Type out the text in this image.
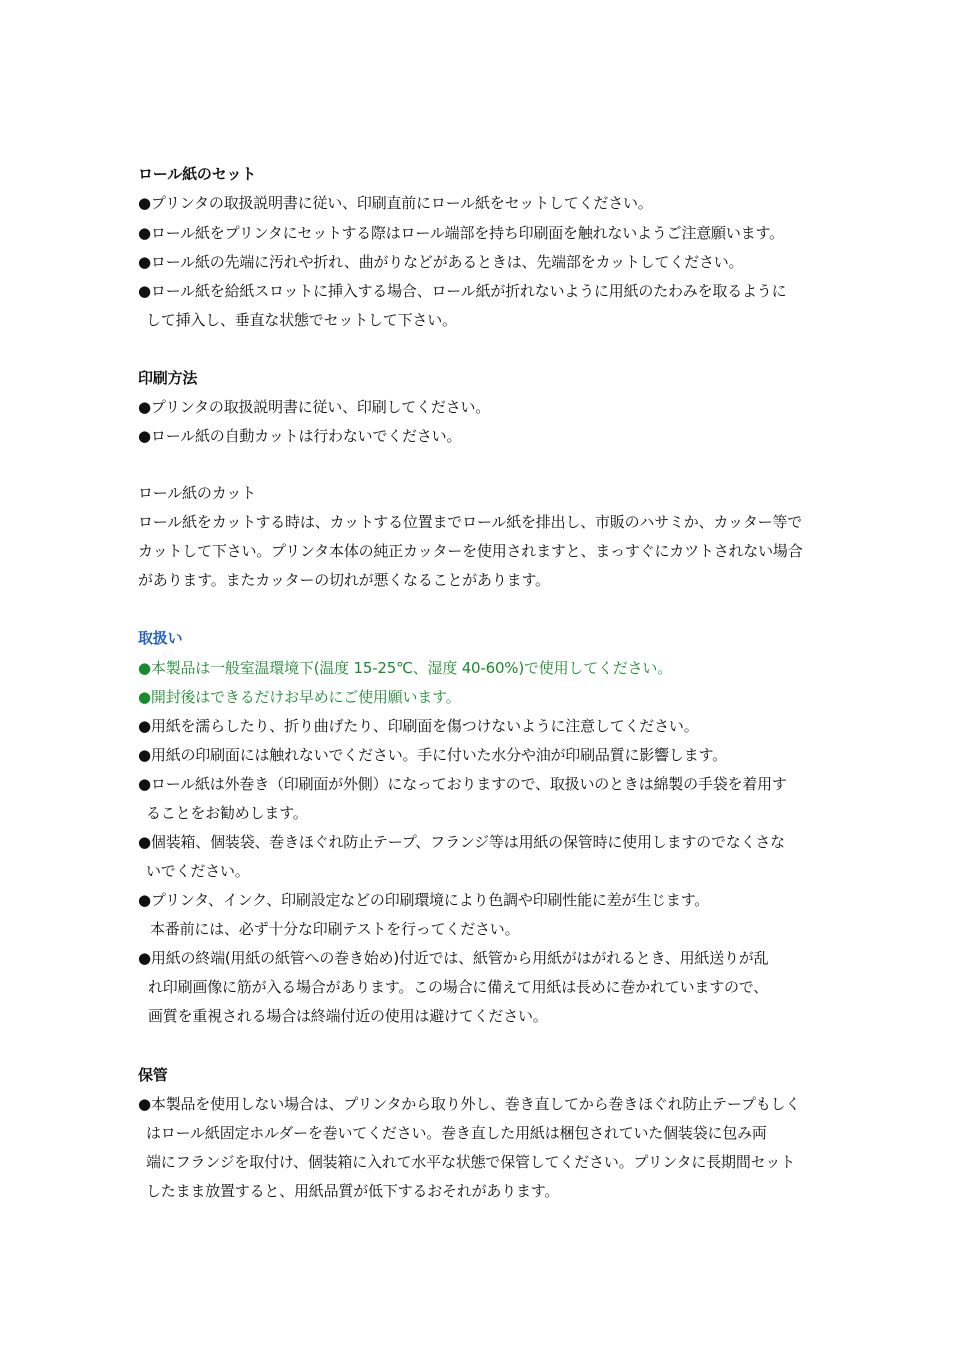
ロール紙のセット
●プリンタの取扱説明書に従い、印刷直前にロール紙をセットしてください。
●ロール紙をプリンタにセットする際はロール端部を持ち印刷面を触れないようご注意願います。
●ロール紙の先端に汚れや折れ、曲がりなどがあるときは、先端部をカットしてください。
●ロール紙を給紙スロットに挿入する場合、ロール紙が折れないように用紙のたわみを取るように
して挿入し、垂直な状態でセットして下さい。
印刷方法
●プリンタの取扱説明書に従い、印刷してください。
●ロール紙の自動カットは行わないでください。
ロール紙のカット
ロール紙をカットする時は、カットする位置までロール紙を排出し、市販のハサミか、カッター等で
カットして下さい。プリンタ本体の純正カッターを使用されますと、まっすぐにカツトされない場合
があります。またカッターの切れが悪くなることがあります。
取扱い
●本製品は一般室温環境下(温度 15-25℃、湿度 40-60%)で使用してください。
●開封後はできるだけお早めにご使用願います。
●用紙を濡らしたり、折り曲げたり、印刷面を傷つけないように注意してください。
●用紙の印刷面には触れないでください。手に付いた水分や油が印刷品質に影響します。
●ロール紙は外巻き（印刷面が外側）になっておりますので、取扱いのときは綿製の手袋を着用す
ることをお勧めします。
●個装箱、個装袋、巻きほぐれ防止テープ、フランジ等は用紙の保管時に使用しますのでなくさな
いでください。
●プリンタ、インク、印刷設定などの印刷環境により色調や印刷性能に差が生じます。
本番前には、必ず十分な印刷テストを行ってください。
●用紙の終端(用紙の紙管への巻き始め)付近では、紙管から用紙がはがれるとき、用紙送りが乱
れ印刷画像に筋が入る場合があります。この場合に備えて用紙は長めに巻かれていますので、
画質を重視される場合は終端付近の使用は避けてください。
保管
●本製品を使用しない場合は、プリンタから取り外し、巻き直してから巻きほぐれ防止テープもしく
はロール紙固定ホルダーを巻いてください。巻き直した用紙は梱包されていた個装袋に包み両
端にフランジを取付け、個装箱に入れて水平な状態で保管してください。プリンタに長期間セット
したまま放置すると、用紙品質が低下するおそれがあります。
